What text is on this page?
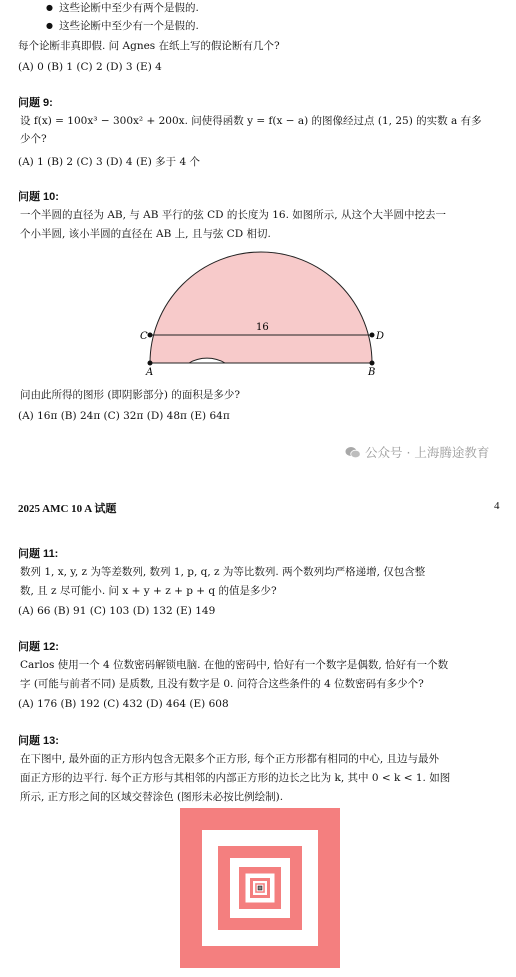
● 这些论断中至少有两个是假的.
● 这些论断中至少有一个是假的.
每个论断非真即假. 问 Agnes 在纸上写的假论断有几个?
(A) 0 (B) 1 (C) 2 (D) 3 (E) 4
问题 9:
设 f(x) = 100x³ − 300x² + 200x. 问使得函数 y = f(x − a) 的图像经过点 (1, 25) 的实数 a 有多
少个?
(A) 1 (B) 2 (C) 3 (D) 4 (E) 多于 4 个
问题 10:
一个半圆的直径为 AB, 与 AB 平行的弦 CD 的长度为 16. 如图所示, 从这个大半圆中挖去一
个小半圆, 该小半圆的直径在 AB 上, 且与弦 CD 相切.
C	D
A	B
16
问由此所得的图形 (即阴影部分) 的面积是多少?
(A) 16π (B) 24π (C) 32π (D) 48π (E) 64π
公众号 · 上海腾途教育
2025 AMC 10 A 试题	4
问题 11:
数列 1, x, y, z 为等差数列, 数列 1, p, q, z 为等比数列. 两个数列均严格递增, 仅包含整
数, 且 z 尽可能小. 问 x + y + z + p + q 的值是多少?
(A) 66 (B) 91 (C) 103 (D) 132 (E) 149
问题 12:
Carlos 使用一个 4 位数密码解锁电脑. 在他的密码中, 恰好有一个数字是偶数, 恰好有一个数
字 (可能与前者不同) 是质数, 且没有数字是 0. 问符合这些条件的 4 位数密码有多少个?
(A) 176 (B) 192 (C) 432 (D) 464 (E) 608
问题 13:
在下图中, 最外面的正方形内包含无限多个正方形, 每个正方形都有相同的中心, 且边与最外
面正方形的边平行. 每个正方形与其相邻的内部正方形的边长之比为 k, 其中 0 < k < 1. 如图
所示, 正方形之间的区域交替涂色 (图形未必按比例绘制).
